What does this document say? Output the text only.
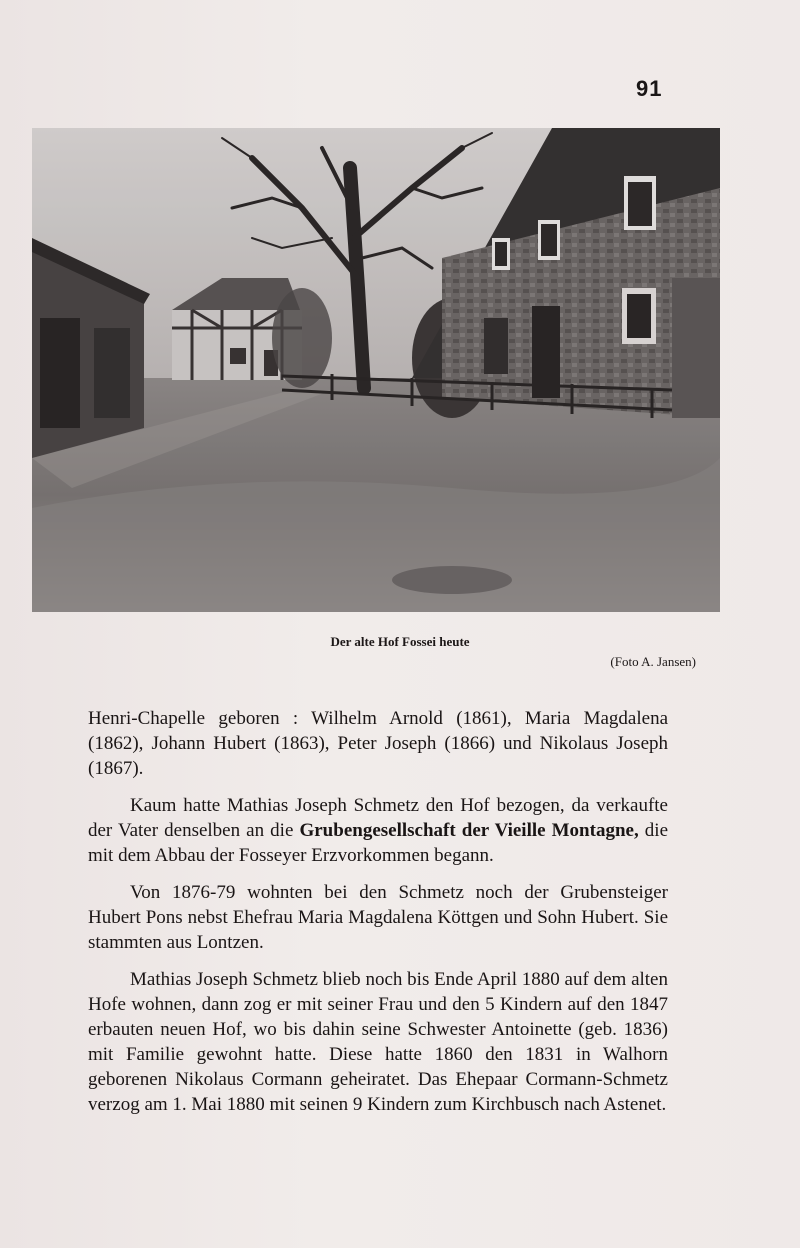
91
Der alte Hof Fossei heute
(Foto A. Jansen)

Henri-Chapelle geboren : Wilhelm Arnold (1861), Maria Magdalena (1862), Johann Hubert (1863), Peter Joseph (1866) und Nikolaus Joseph (1867).

Kaum hatte Mathias Joseph Schmetz den Hof bezogen, da verkaufte der Vater denselben an die Grubengesellschaft der Vieille Montagne, die mit dem Abbau der Fosseyer Erzvorkommen begann.

Von 1876-79 wohnten bei den Schmetz noch der Grubensteiger Hubert Pons nebst Ehefrau Maria Magdalena Köttgen und Sohn Hubert. Sie stammten aus Lontzen.

Mathias Joseph Schmetz blieb noch bis Ende April 1880 auf dem alten Hofe wohnen, dann zog er mit seiner Frau und den 5 Kindern auf den 1847 erbauten neuen Hof, wo bis dahin seine Schwester Antoinette (geb. 1836) mit Familie gewohnt hatte. Diese hatte 1860 den 1831 in Walhorn geborenen Nikolaus Cormann geheiratet. Das Ehepaar Cormann-Schmetz verzog am 1. Mai 1880 mit seinen 9 Kindern zum Kirchbusch nach Astenet.
